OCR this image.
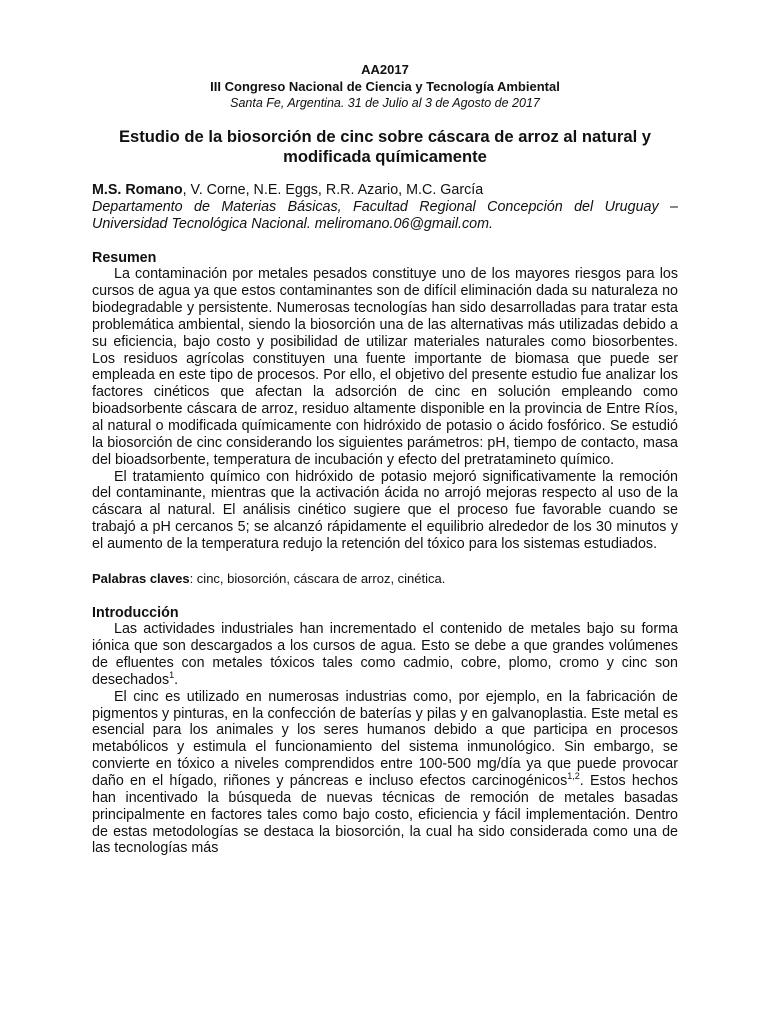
AA2017
III Congreso Nacional de Ciencia y Tecnología Ambiental
Santa Fe, Argentina. 31 de Julio al 3 de Agosto de 2017
Estudio de la biosorción de cinc sobre cáscara de arroz al natural y modificada químicamente
M.S. Romano, V. Corne, N.E. Eggs, R.R. Azario, M.C. García
Departamento de Materias Básicas, Facultad Regional Concepción del Uruguay –
Universidad Tecnológica Nacional. meliromano.06@gmail.com.
Resumen

La contaminación por metales pesados constituye uno de los mayores riesgos para los cursos de agua ya que estos contaminantes son de difícil eliminación dada su naturaleza no biodegradable y persistente. Numerosas tecnologías han sido desarrolladas para tratar esta problemática ambiental, siendo la biosorción una de las alternativas más utilizadas debido a su eficiencia, bajo costo y posibilidad de utilizar materiales naturales como biosorbentes. Los residuos agrícolas constituyen una fuente importante de biomasa que puede ser empleada en este tipo de procesos. Por ello, el objetivo del presente estudio fue analizar los factores cinéticos que afectan la adsorción de cinc en solución empleando como bioadsorbente cáscara de arroz, residuo altamente disponible en la provincia de Entre Ríos, al natural o modificada químicamente con hidróxido de potasio o ácido fosfórico. Se estudió la biosorción de cinc considerando los siguientes parámetros: pH, tiempo de contacto, masa del bioadsorbente, temperatura de incubación y efecto del pretratamineto químico.

El tratamiento químico con hidróxido de potasio mejoró significativamente la remoción del contaminante, mientras que la activación ácida no arrojó mejoras respecto al uso de la cáscara al natural. El análisis cinético sugiere que el proceso fue favorable cuando se trabajó a pH cercanos 5; se alcanzó rápidamente el equilibrio alrededor de los 30 minutos y el aumento de la temperatura redujo la retención del tóxico para los sistemas estudiados.

Palabras claves: cinc, biosorción, cáscara de arroz, cinética.
Introducción

Las actividades industriales han incrementado el contenido de metales bajo su forma iónica que son descargados a los cursos de agua. Esto se debe a que grandes volúmenes de efluentes con metales tóxicos tales como cadmio, cobre, plomo, cromo y cinc son desechados$^1$.

El cinc es utilizado en numerosas industrias como, por ejemplo, en la fabricación de pigmentos y pinturas, en la confección de baterías y pilas y en galvanoplastia. Este metal es esencial para los animales y los seres humanos debido a que participa en procesos metabólicos y estimula el funcionamiento del sistema inmunológico. Sin embargo, se convierte en tóxico a niveles comprendidos entre 100-500 mg/día ya que puede provocar daño en el hígado, riñones y páncreas e incluso efectos carcinogénicos$^{1,2}$. Estos hechos han incentivado la búsqueda de nuevas técnicas de remoción de metales basadas principalmente en factores tales como bajo costo, eficiencia y fácil implementación. Dentro de estas metodologías se destaca la biosorción, la cual ha sido considerada como una de las tecnologías más
